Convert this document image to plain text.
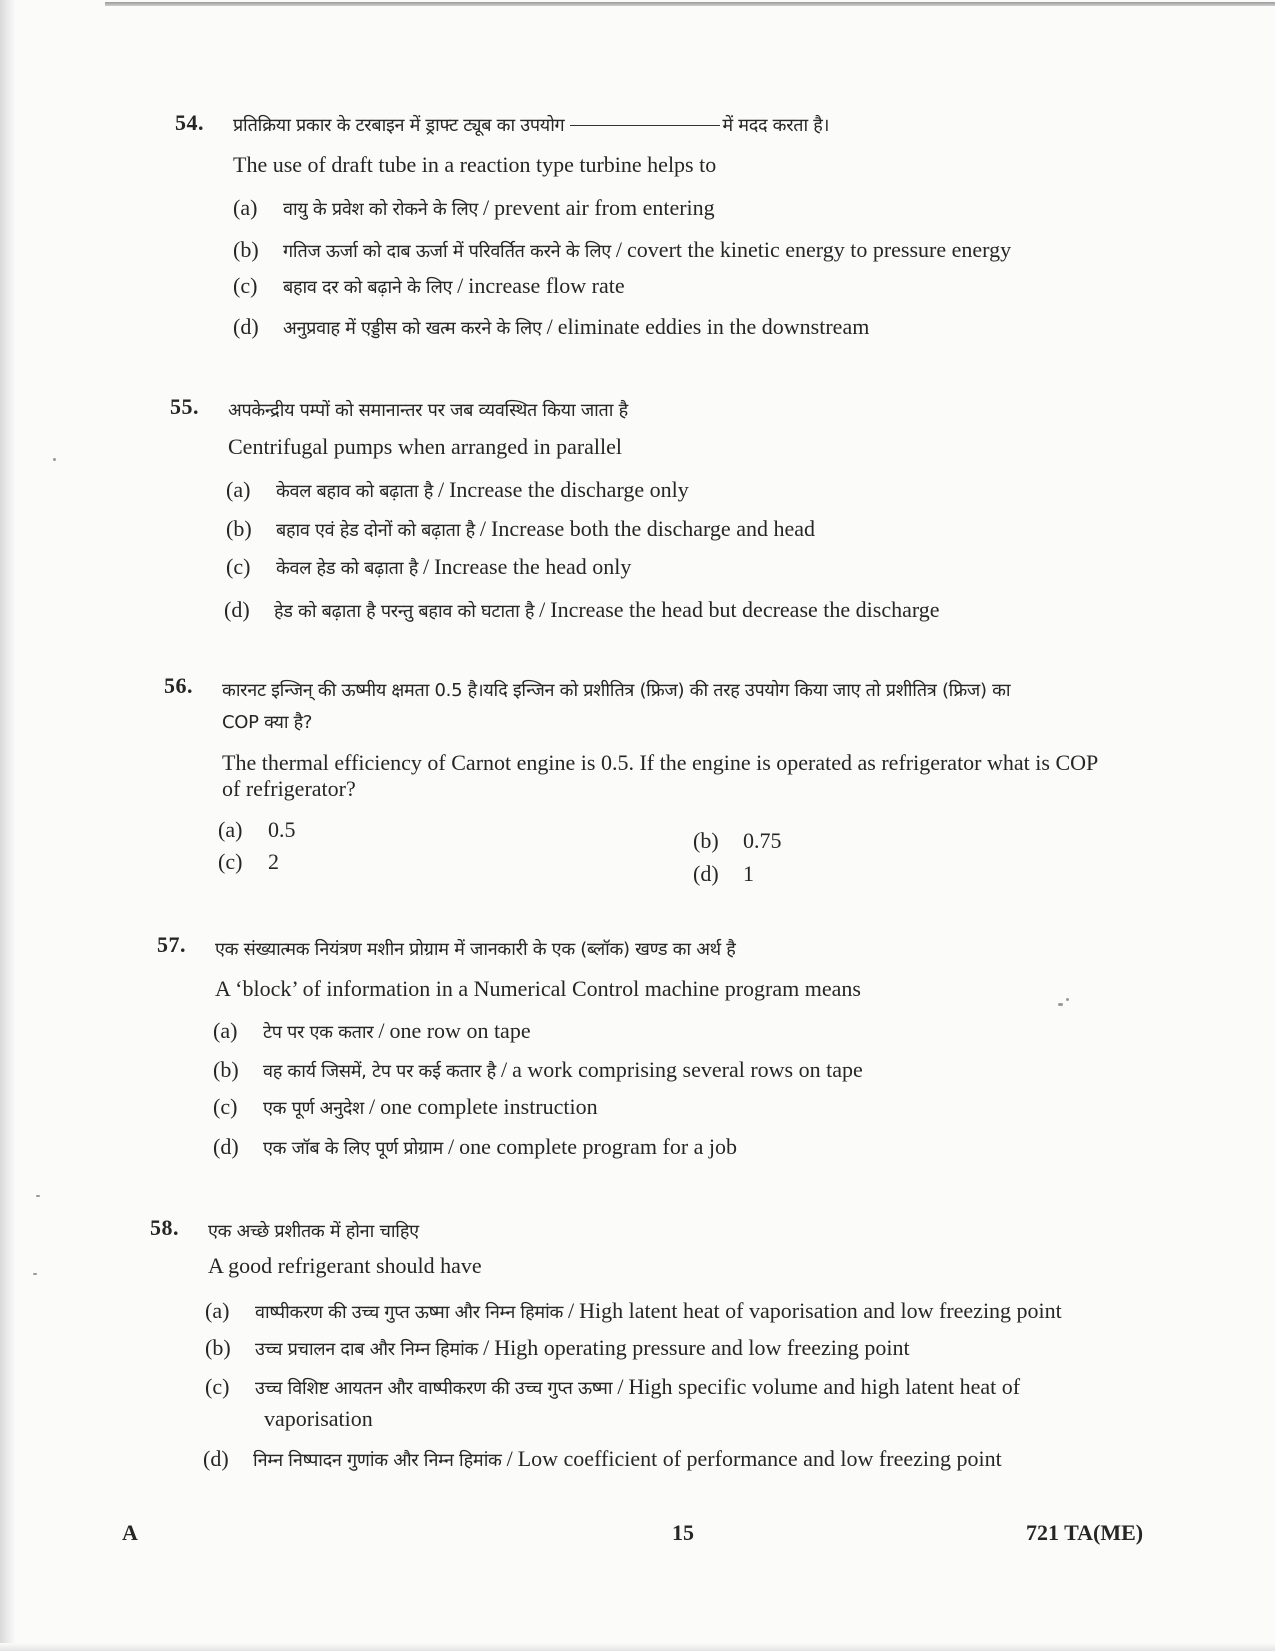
54. प्रतिक्रिया प्रकार के टरबाइन में ड्राफ्ट ट्यूब का उपयोग	में मदद करता है।
The use of draft tube in a reaction type turbine helps to
(a) वायु के प्रवेश को रोकने के लिए / prevent air from entering
(b) गतिज ऊर्जा को दाब ऊर्जा में परिवर्तित करने के लिए / covert the kinetic energy to pressure energy
(c) बहाव दर को बढ़ाने के लिए / increase flow rate
(d) अनुप्रवाह में एड्डीस को खत्म करने के लिए / eliminate eddies in the downstream
55. अपकेन्द्रीय पम्पों को समानान्तर पर जब व्यवस्थित किया जाता है
Centrifugal pumps when arranged in parallel
(a) केवल बहाव को बढ़ाता है / Increase the discharge only
(b) बहाव एवं हेड दोनों को बढ़ाता है / Increase both the discharge and head
(c) केवल हेड को बढ़ाता है / Increase the head only
(d) हेड को बढ़ाता है परन्तु बहाव को घटाता है / Increase the head but decrease the discharge
56. कारनट इन्जिन् की ऊष्मीय क्षमता 0.5 है।यदि इन्जिन को प्रशीतित्र (फ्रिज) की तरह उपयोग किया जाए तो प्रशीतित्र (फ्रिज) का
COP क्या है?
The thermal efficiency of Carnot engine is 0.5. If the engine is operated as refrigerator what is COP
of refrigerator?
(a) 0.5	(b) 0.75
(c) 2	(d) 1
57. एक संख्यात्मक नियंत्रण मशीन प्रोग्राम में जानकारी के एक (ब्लॉक) खण्ड का अर्थ है
A ‘block’ of information in a Numerical Control machine program means
(a) टेप पर एक कतार / one row on tape
(b) वह कार्य जिसमें, टेप पर कई कतार है / a work comprising several rows on tape
(c) एक पूर्ण अनुदेश / one complete instruction
(d) एक जॉब के लिए पूर्ण प्रोग्राम / one complete program for a job
58. एक अच्छे प्रशीतक में होना चाहिए
A good refrigerant should have
(a) वाष्पीकरण की उच्च गुप्त ऊष्मा और निम्न हिमांक / High latent heat of vaporisation and low freezing point
(b) उच्च प्रचालन दाब और निम्न हिमांक / High operating pressure and low freezing point
(c) उच्च विशिष्ट आयतन और वाष्पीकरण की उच्च गुप्त ऊष्मा / High specific volume and high latent heat of
vaporisation
(d) निम्न निष्पादन गुणांक और निम्न हिमांक / Low coefficient of performance and low freezing point
A	15	721 TA(ME)
